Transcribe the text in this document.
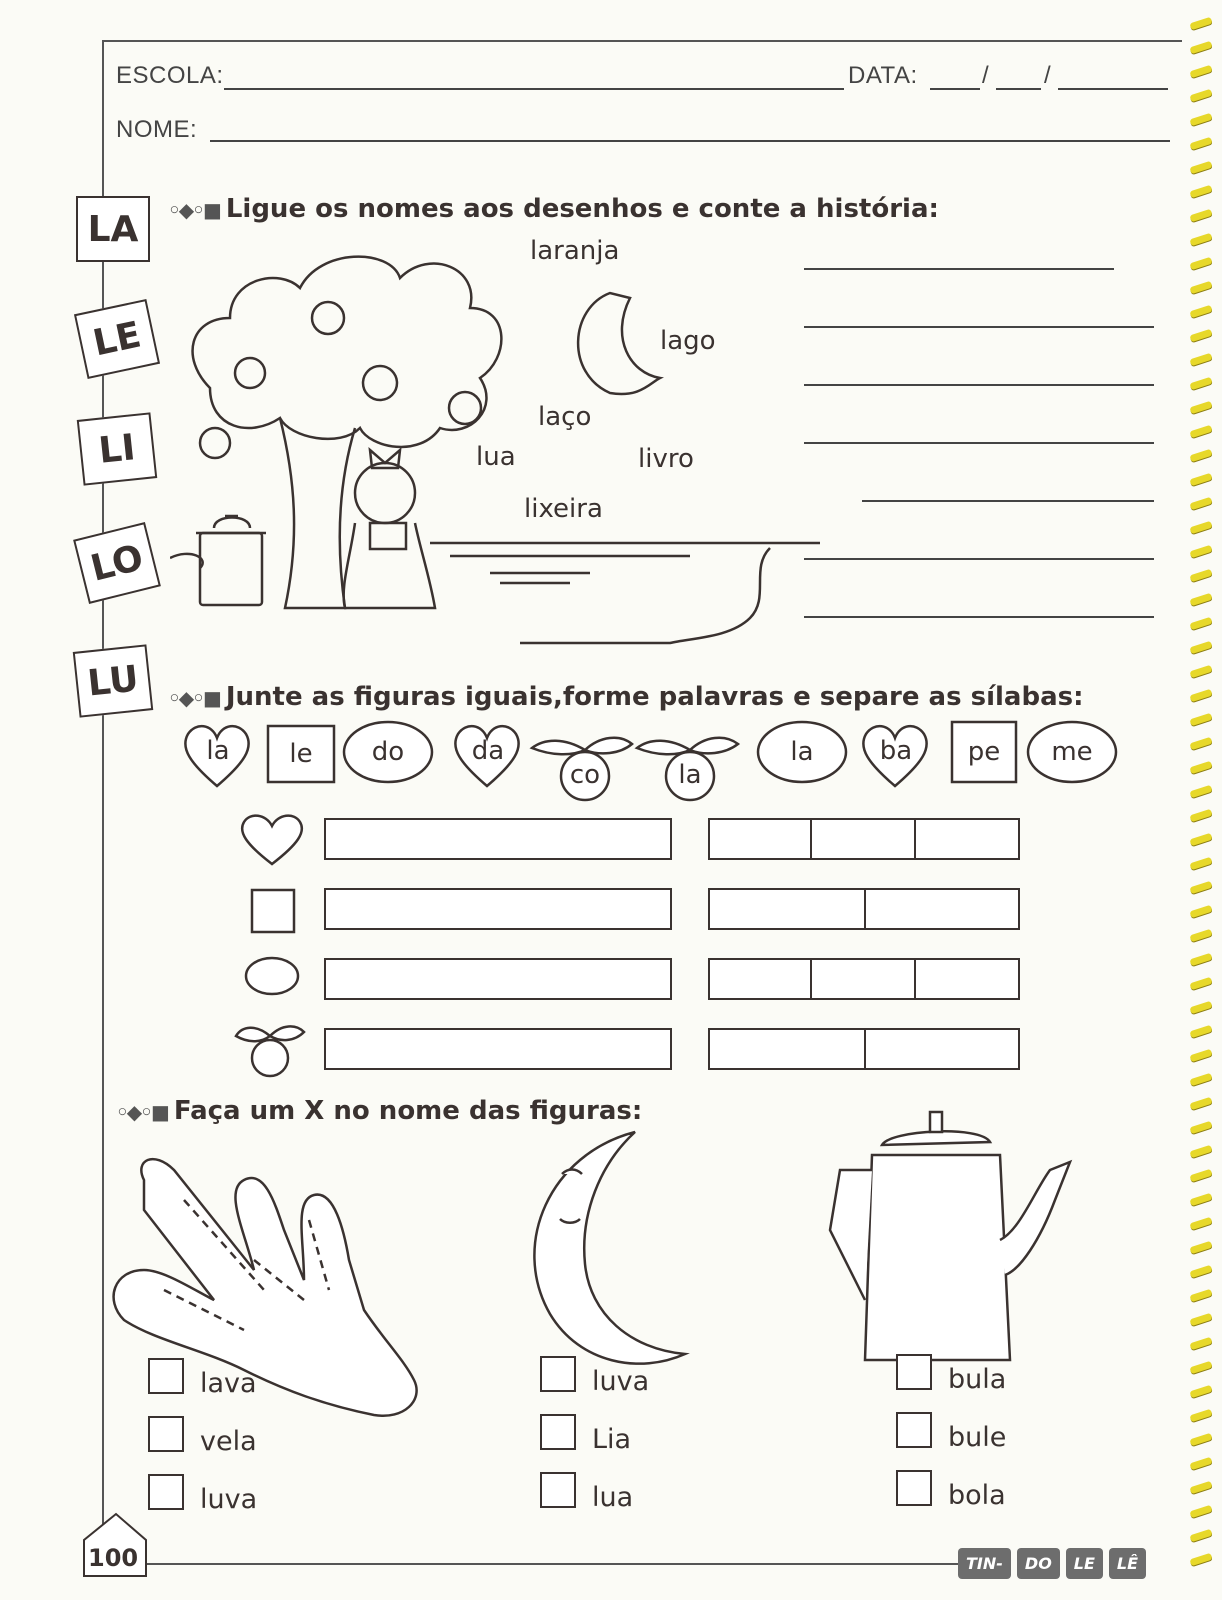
ESCOLA:	DATA:	/ /
NOME:
LA
LE
LI
LO
LU
◦◆◦■ Ligue os nomes aos desenhos e conte a história:
laranja
lago
laço
lua	livro
lixeira
◦◆◦■ Junte as figuras iguais,forme palavras e separe as sílabas:
la	le	do	da
co	la
la	ba	pe	me
◦◆◦■ Faça um X no nome das figuras:
lava
vela
luva
luva
Lia
lua
bula
bule
bola
100	TIN-	DO	LE	LÊ
